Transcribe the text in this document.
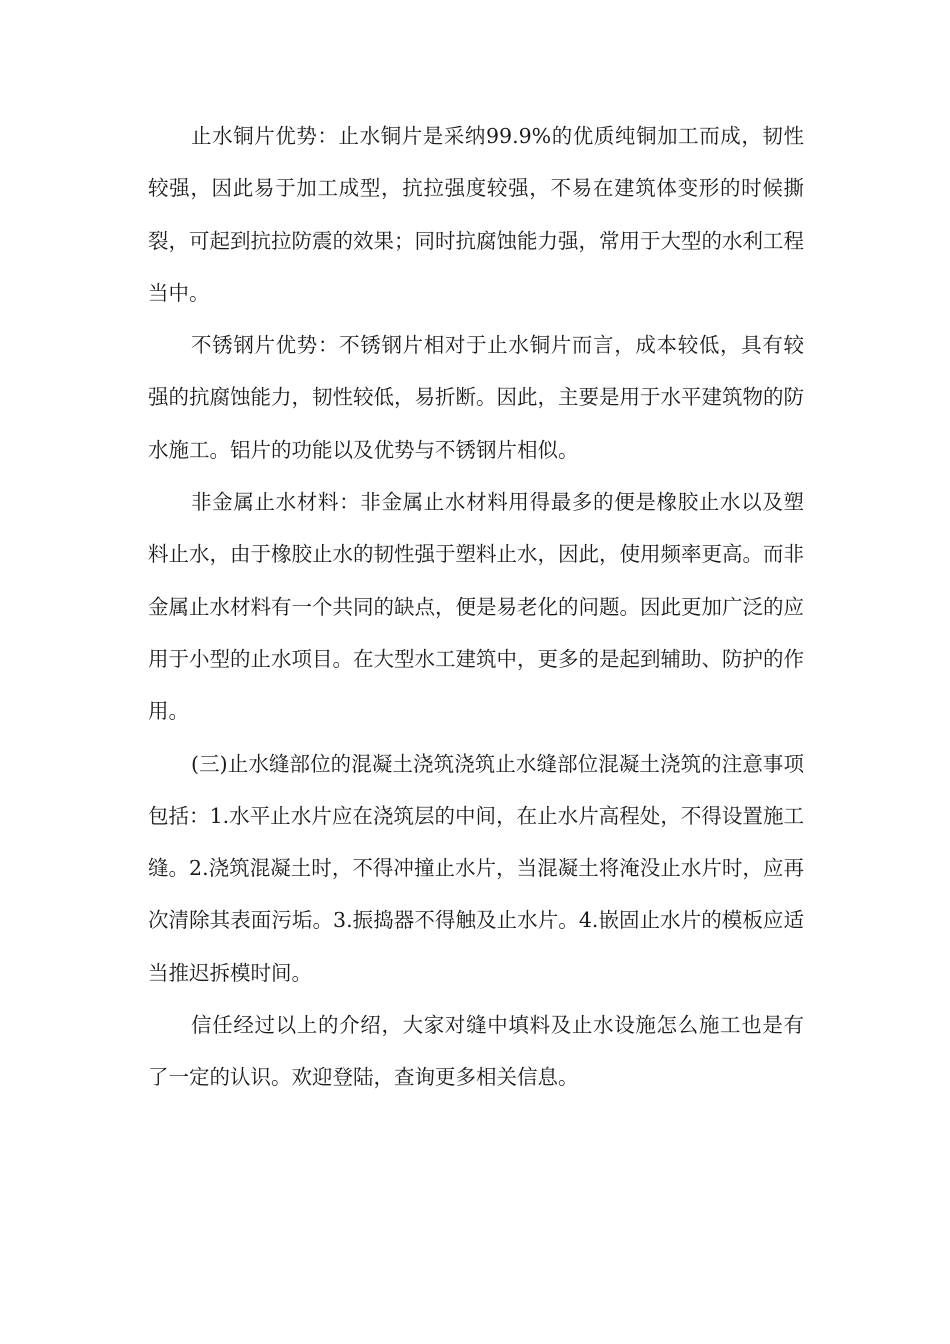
止水铜片优势：止水铜片是采纳99.9%的优质纯铜加工而成，韧性较强，因此易于加工成型，抗拉强度较强，不易在建筑体变形的时候撕裂，可起到抗拉防震的效果；同时抗腐蚀能力强，常用于大型的水利工程当中。

不锈钢片优势：不锈钢片相对于止水铜片而言，成本较低，具有较强的抗腐蚀能力，韧性较低，易折断。因此，主要是用于水平建筑物的防水施工。铝片的功能以及优势与不锈钢片相似。

非金属止水材料：非金属止水材料用得最多的便是橡胶止水以及塑料止水，由于橡胶止水的韧性强于塑料止水，因此，使用频率更高。而非金属止水材料有一个共同的缺点，便是易老化的问题。因此更加广泛的应用于小型的止水项目。在大型水工建筑中，更多的是起到辅助、防护的作用。

(三)止水缝部位的混凝土浇筑浇筑止水缝部位混凝土浇筑的注意事项包括：1.水平止水片应在浇筑层的中间，在止水片高程处，不得设置施工缝。2.浇筑混凝土时，不得冲撞止水片，当混凝土将淹没止水片时，应再次清除其表面污垢。3.振捣器不得触及止水片。4.嵌固止水片的模板应适当推迟拆模时间。

信任经过以上的介绍，大家对缝中填料及止水设施怎么施工也是有了一定的认识。欢迎登陆，查询更多相关信息。
